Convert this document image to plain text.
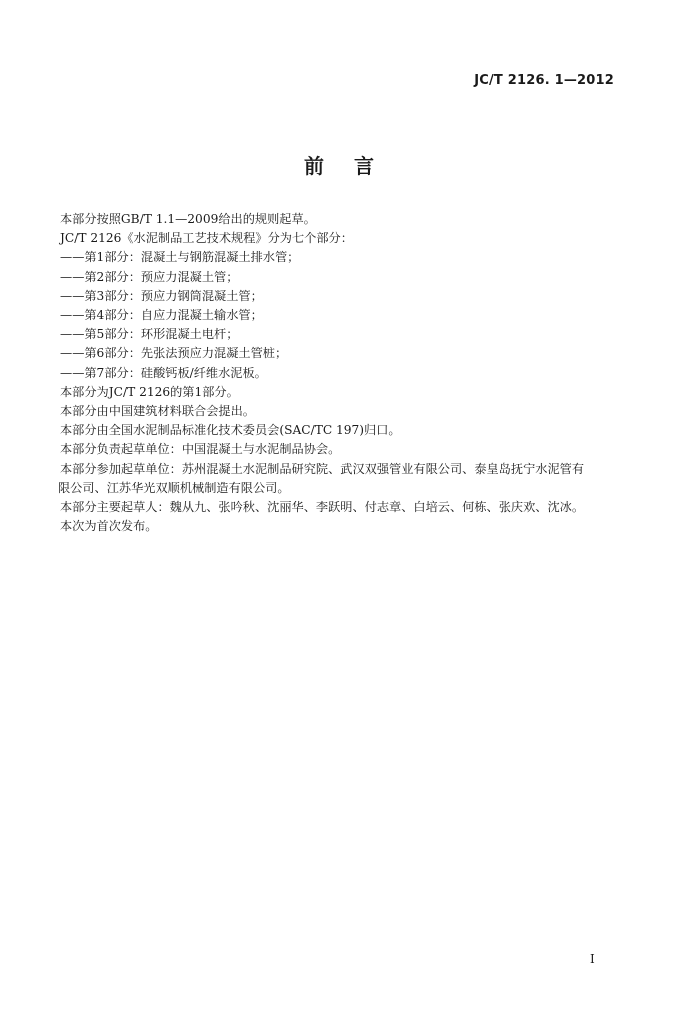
JC/T 2126. 1—2012
前言

本部分按照GB/T 1.1—2009给出的规则起草。

JC/T 2126《水泥制品工艺技术规程》分为七个部分：

——第1部分：混凝土与钢筋混凝土排水管；

——第2部分：预应力混凝土管；

——第3部分：预应力钢筒混凝土管；

——第4部分：自应力混凝土输水管；

——第5部分：环形混凝土电杆；

——第6部分：先张法预应力混凝土管桩；

——第7部分：硅酸钙板/纤维水泥板。

本部分为JC/T 2126的第1部分。

本部分由中国建筑材料联合会提出。

本部分由全国水泥制品标准化技术委员会(SAC/TC 197)归口。

本部分负责起草单位：中国混凝土与水泥制品协会。

本部分参加起草单位：苏州混凝土水泥制品研究院、武汉双强管业有限公司、泰皇岛抚宁水泥管有

限公司、江苏华光双顺机械制造有限公司。

本部分主要起草人：魏从九、张吟秋、沈丽华、李跃明、付志章、白培云、何栋、张庆欢、沈冰。

本次为首次发布。

I
